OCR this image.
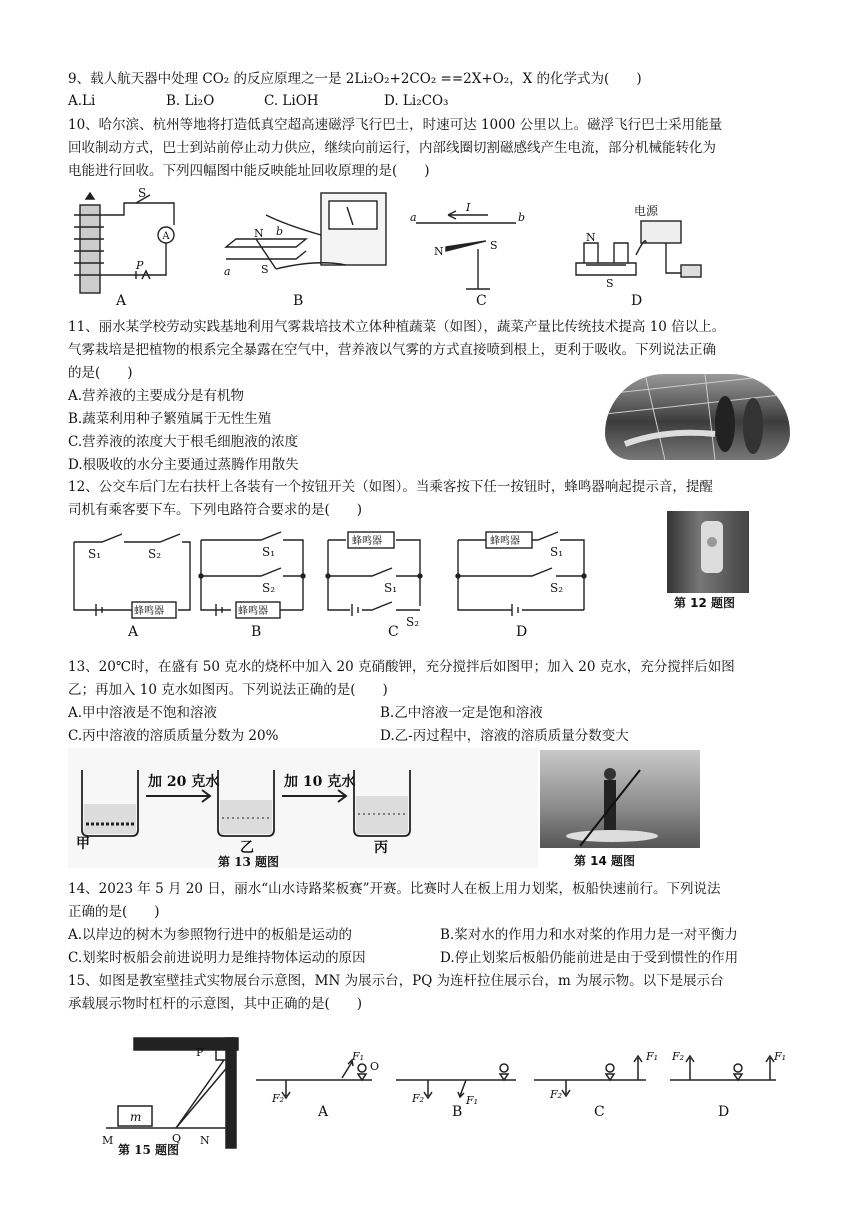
9、载人航天器中处理 CO₂ 的反应原理之一是 2Li₂O₂+2CO₂ ==2X+O₂，X 的化学式为(　　)
A.Li	B. Li₂O	C. LiOH	D. Li₂CO₃
10、哈尔滨、杭州等地将打造低真空超高速磁浮飞行巴士，时速可达 1000 公里以上。磁浮飞行巴士采用能量
回收制动方式，巴士到站前停止动力供应，继续向前运行，内部线圈切割磁感线产生电流，部分机械能转化为
电能进行回收。下列四幅图中能反映能址回收原理的是(　　)
S
P
A
A
N
S
a
b
B
a	b
I
N	S
C
电源
N
S
D
11、丽水某学校劳动实践基地利用气雾栽培技术立体种植蔬菜（如图），蔬菜产量比传统技术提高 10 倍以上。
气雾栽培是把植物的根系完全暴露在空气中，营养液以气雾的方式直接喷到根上，更利于吸收。下列说法正确
的是(　　)
A.营养液的主要成分是有机物
B.蔬菜利用种子繁殖属于无性生殖
C.营养液的浓度大于根毛细胞液的浓度
D.根吸收的水分主要通过蒸腾作用散失
12、公交车后门左右扶杆上各装有一个按钮开关（如图）。当乘客按下任一按钮时，蜂鸣器响起提示音，提醒
司机有乘客要下车。下列电路符合要求的是(　　)
S₁	S₂
蜂鸣器
A
S₁
S₂
蜂鸣器
B
蜂鸣器
S₁
S₂
C
蜂鸣器
S₁
S₂
D
第 12 题图
13、20℃时，在盛有 50 克水的烧杯中加入 20 克硝酸钾，充分搅拌后如图甲；加入 20 克水，充分搅拌后如图
乙；再加入 10 克水如图丙。下列说法正确的是(　　)
A.甲中溶液是不饱和溶液	B.乙中溶液一定是饱和溶液
C.丙中溶液的溶质质量分数为 20%	D.乙-丙过程中，溶液的溶质质量分数变大
加 20 克水	加 10 克水
甲	乙	丙
第 13 题图	第 14 题图
14、2023 年 5 月 20 日，丽水“山水诗路桨板赛”开赛。比赛时人在板上用力划桨，板船快速前行。下列说法
正确的是(　　)
A.以岸边的树木为参照物行进中的板船是运动的	B.桨对水的作用力和水对桨的作用力是一对平衡力
C.划桨时板船会前进说明力是维持物体运动的原因	D.停止划桨后板船仍能前进是由于受到惯性的作用
15、如图是教室壁挂式实物展台示意图，MN 为展示台，PQ 为连杆拉住展示台，m 为展示物。以下是展示台
承载展示物时杠杆的示意图，其中正确的是(　　)
m
P
M	Q N
第 15 题图
F₁
F₂
O
A
F₁
F₂
B
F₁
F₂
C
F₁
F₂
D
